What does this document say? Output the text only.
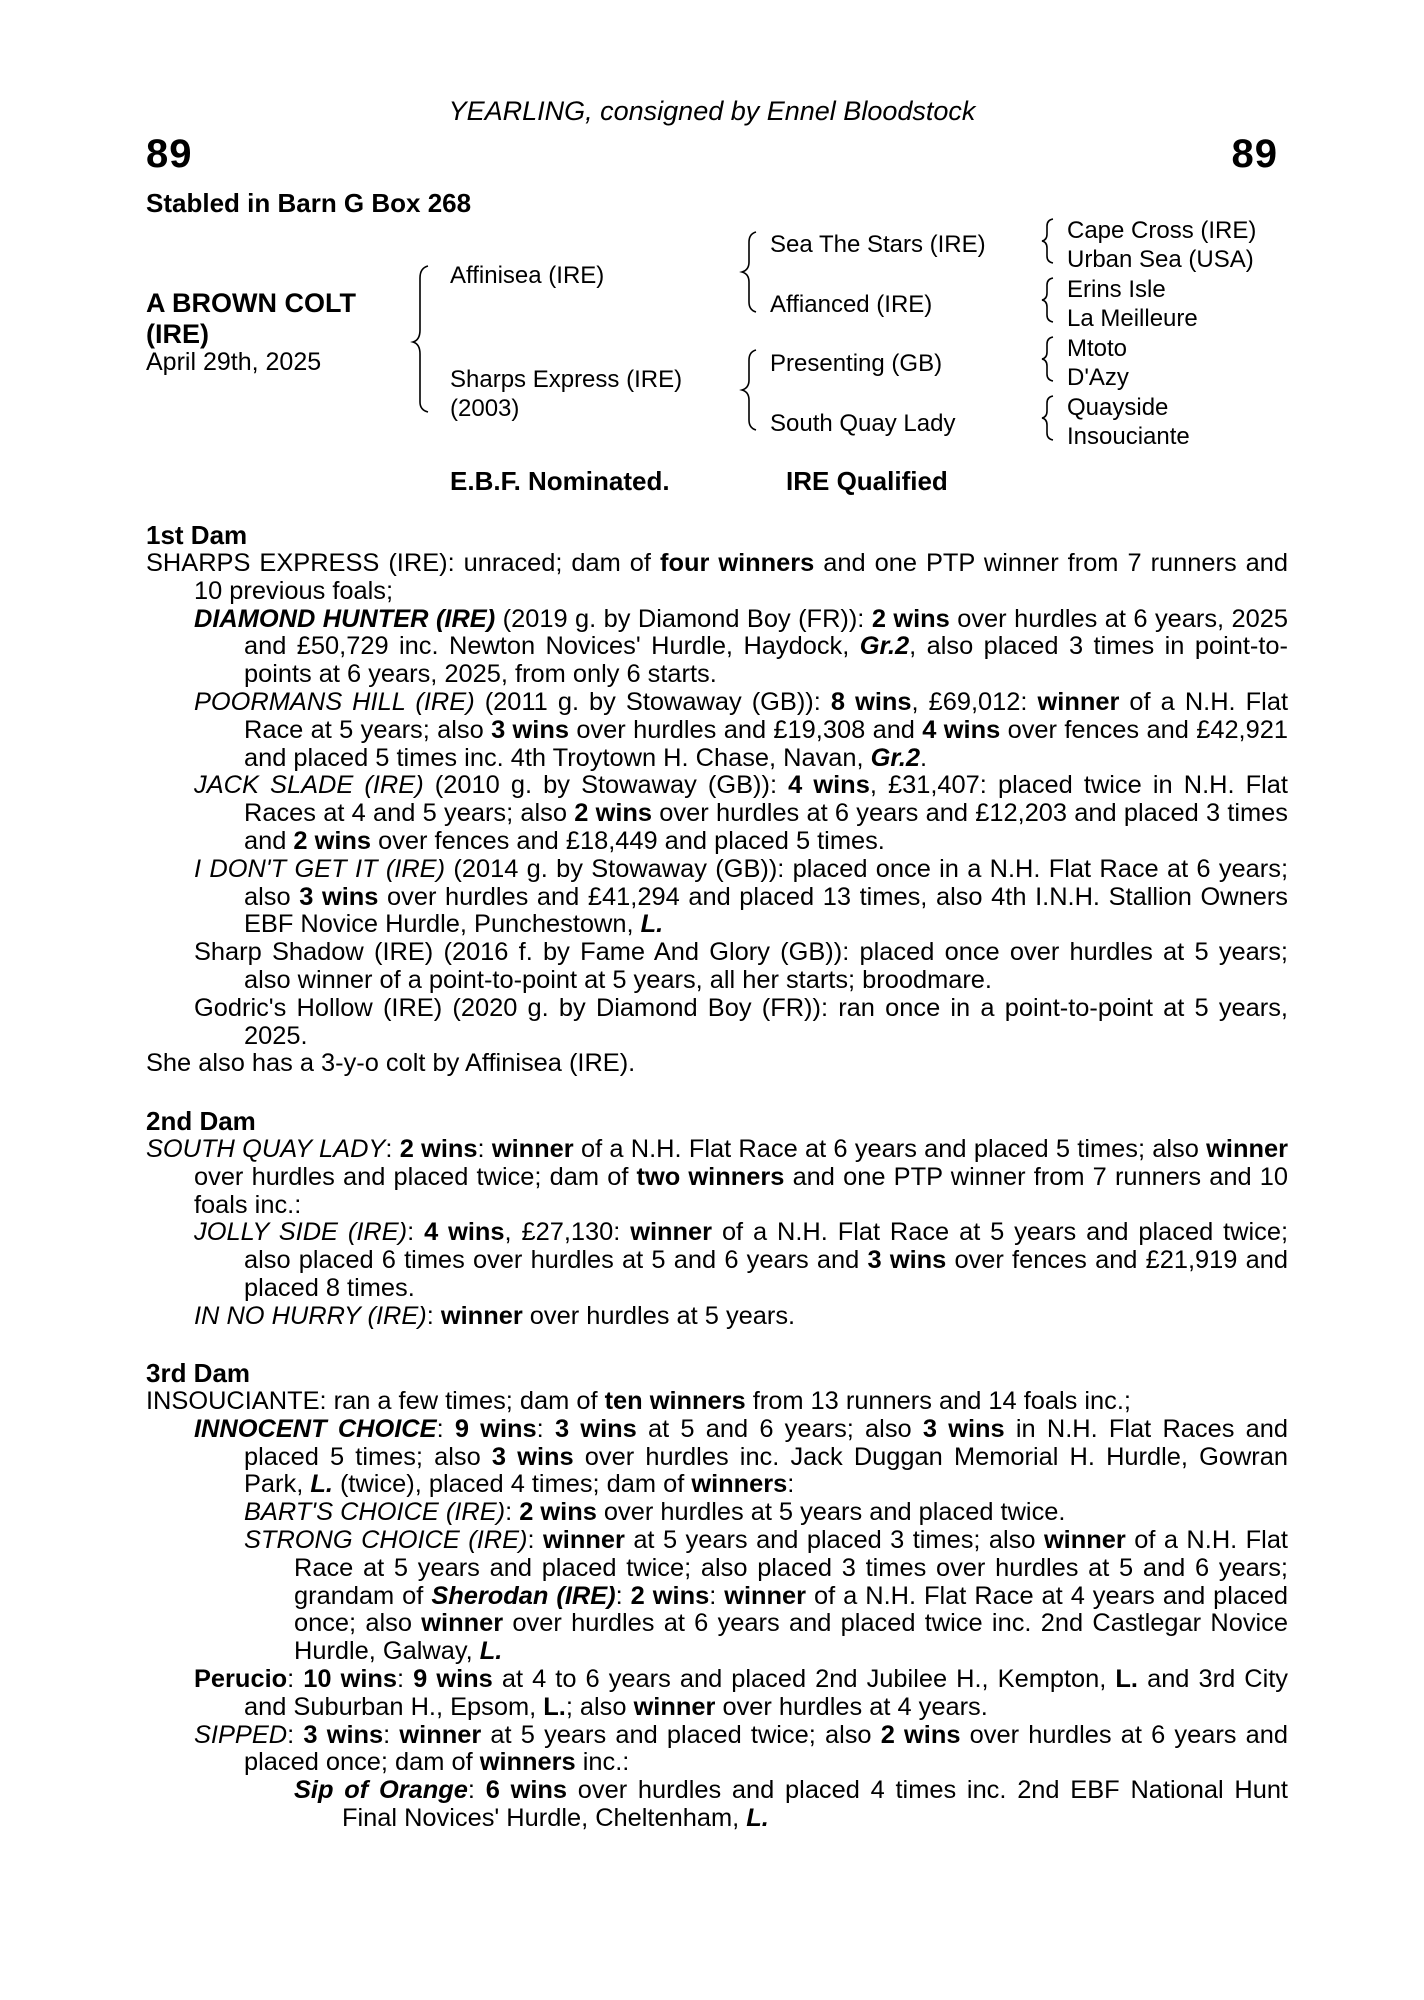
YEARLING, consigned by Ennel Bloodstock
89	89
Stabled in Barn G Box 268
A BROWN COLT
(IRE)
April 29th, 2025
Affinisea (IRE)
Sharps Express (IRE)
(2003)
Sea The Stars (IRE)
Affianced (IRE)
Presenting (GB)
South Quay Lady
Cape Cross (IRE)
Urban Sea (USA)
Erins Isle
La Meilleure
Mtoto
D'Azy
Quayside
Insouciante
E.B.F. Nominated.	IRE Qualified
1st Dam

SHARPS EXPRESS (IRE): unraced; dam of four winners and one PTP winner from 7 runners and 10 previous foals;

DIAMOND HUNTER (IRE) (2019 g. by Diamond Boy (FR)): 2 wins over hurdles at 6 years, 2025 and £50,729 inc. Newton Novices' Hurdle, Haydock, Gr.2, also placed 3 times in point-to-points at 6 years, 2025, from only 6 starts.

POORMANS HILL (IRE) (2011 g. by Stowaway (GB)): 8 wins, £69,012: winner of a N.H. Flat Race at 5 years; also 3 wins over hurdles and £19,308 and 4 wins over fences and £42,921 and placed 5 times inc. 4th Troytown H. Chase, Navan, Gr.2.

JACK SLADE (IRE) (2010 g. by Stowaway (GB)): 4 wins, £31,407: placed twice in N.H. Flat Races at 4 and 5 years; also 2 wins over hurdles at 6 years and £12,203 and placed 3 times and 2 wins over fences and £18,449 and placed 5 times.

I DON'T GET IT (IRE) (2014 g. by Stowaway (GB)): placed once in a N.H. Flat Race at 6 years; also 3 wins over hurdles and £41,294 and placed 13 times, also 4th I.N.H. Stallion Owners EBF Novice Hurdle, Punchestown, L.

Sharp Shadow (IRE) (2016 f. by Fame And Glory (GB)): placed once over hurdles at 5 years; also winner of a point-to-point at 5 years, all her starts; broodmare.

Godric's Hollow (IRE) (2020 g. by Diamond Boy (FR)): ran once in a point-to-point at 5 years, 2025.

She also has a 3-y-o colt by Affinisea (IRE).

2nd Dam

SOUTH QUAY LADY: 2 wins: winner of a N.H. Flat Race at 6 years and placed 5 times; also winner over hurdles and placed twice; dam of two winners and one PTP winner from 7 runners and 10 foals inc.:

JOLLY SIDE (IRE): 4 wins, £27,130: winner of a N.H. Flat Race at 5 years and placed twice; also placed 6 times over hurdles at 5 and 6 years and 3 wins over fences and £21,919 and placed 8 times.

IN NO HURRY (IRE): winner over hurdles at 5 years.

3rd Dam

INSOUCIANTE: ran a few times; dam of ten winners from 13 runners and 14 foals inc.;

INNOCENT CHOICE: 9 wins: 3 wins at 5 and 6 years; also 3 wins in N.H. Flat Races and placed 5 times; also 3 wins over hurdles inc. Jack Duggan Memorial H. Hurdle, Gowran Park, L. (twice), placed 4 times; dam of winners:

BART'S CHOICE (IRE): 2 wins over hurdles at 5 years and placed twice.

STRONG CHOICE (IRE): winner at 5 years and placed 3 times; also winner of a N.H. Flat Race at 5 years and placed twice; also placed 3 times over hurdles at 5 and 6 years; grandam of Sherodan (IRE): 2 wins: winner of a N.H. Flat Race at 4 years and placed once; also winner over hurdles at 6 years and placed twice inc. 2nd Castlegar Novice Hurdle, Galway, L.

Perucio: 10 wins: 9 wins at 4 to 6 years and placed 2nd Jubilee H., Kempton, L. and 3rd City and Suburban H., Epsom, L.; also winner over hurdles at 4 years.

SIPPED: 3 wins: winner at 5 years and placed twice; also 2 wins over hurdles at 6 years and placed once; dam of winners inc.:

Sip of Orange: 6 wins over hurdles and placed 4 times inc. 2nd EBF National Hunt Final Novices' Hurdle, Cheltenham, L.
